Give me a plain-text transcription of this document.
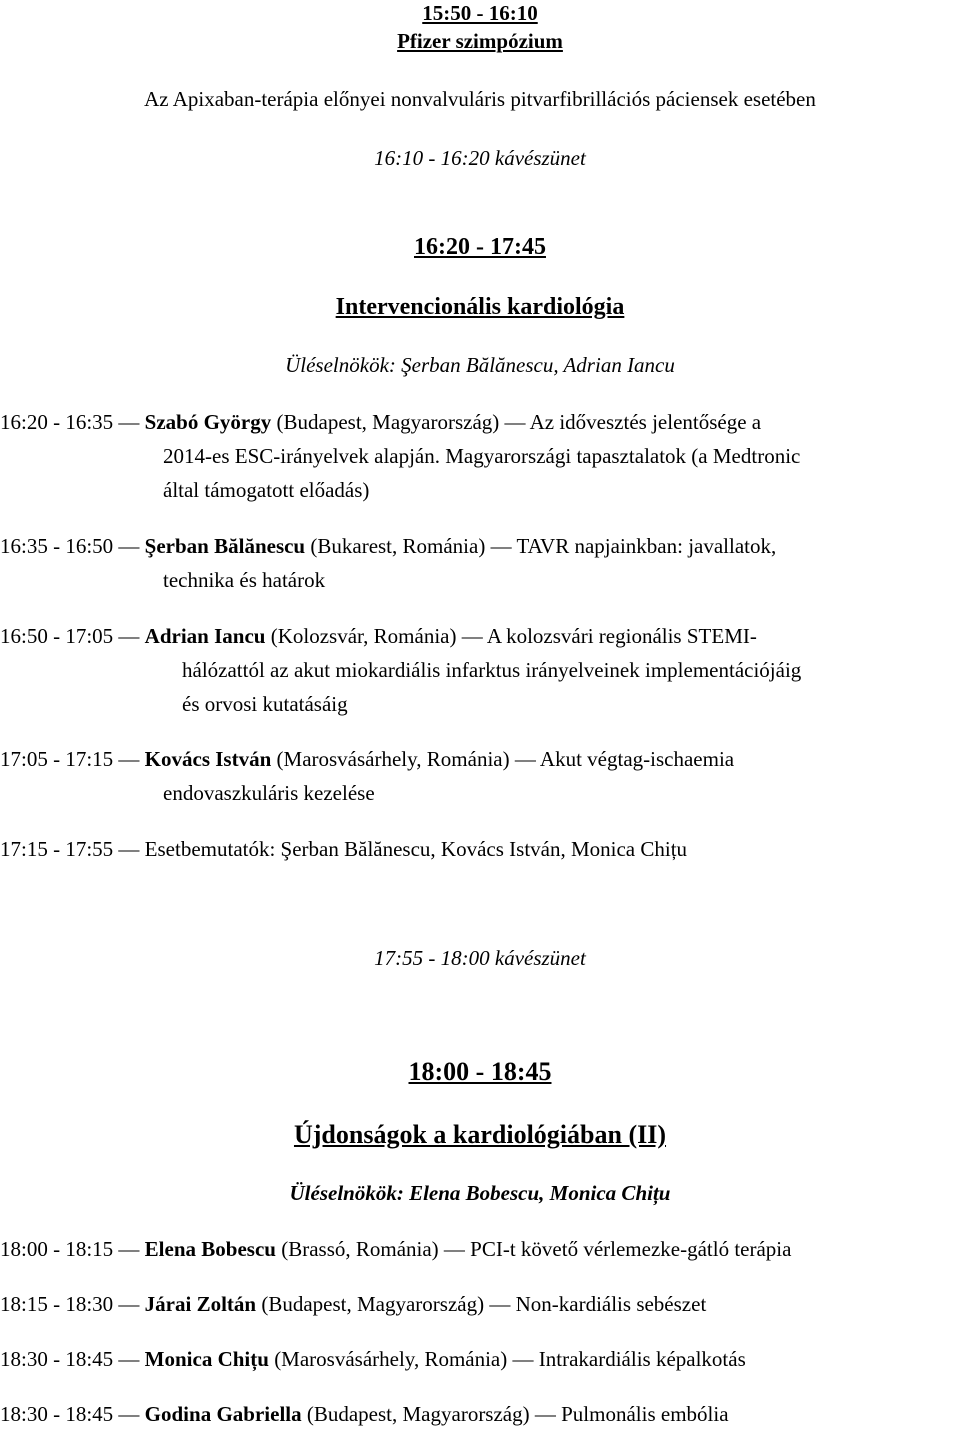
15:50 - 16:10
Pfizer szimpózium
Az Apixaban-terápia előnyei nonvalvuláris pitvarfibrillációs páciensek esetében
16:10 - 16:20 kávészünet
16:20 - 17:45
Intervencionális kardiológia
Üléselnökök: Şerban Bălănescu, Adrian Iancu
16:20 - 16:35 — Szabó György (Budapest, Magyarország) — Az idővesztés jelentősége a
2014-es ESC-irányelvek alapján. Magyarországi tapasztalatok (a Medtronic
által támogatott előadás)
16:35 - 16:50 — Şerban Bălănescu (Bukarest, Románia) — TAVR napjainkban: javallatok,
technika és határok
16:50 - 17:05 — Adrian Iancu (Kolozsvár, Románia) — A kolozsvári regionális STEMI-
hálózattól az akut miokardiális infarktus irányelveinek implementációjáig
és orvosi kutatásáig
17:05 - 17:15 — Kovács István (Marosvásárhely, Románia) — Akut végtag-ischaemia
endovaszkuláris kezelése
17:15 - 17:55 — Esetbemutatók: Şerban Bălănescu, Kovács István, Monica Chițu
17:55 - 18:00 kávészünet
18:00 - 18:45
Újdonságok a kardiológiában (II)
Üléselnökök: Elena Bobescu, Monica Chițu
18:00 - 18:15 — Elena Bobescu (Brassó, Románia) — PCI-t követő vérlemezke-gátló terápia
18:15 - 18:30 — Járai Zoltán (Budapest, Magyarország) — Non-kardiális sebészet
18:30 - 18:45 — Monica Chițu (Marosvásárhely, Románia) — Intrakardiális képalkotás
18:30 - 18:45 — Godina Gabriella (Budapest, Magyarország) — Pulmonális embólia
